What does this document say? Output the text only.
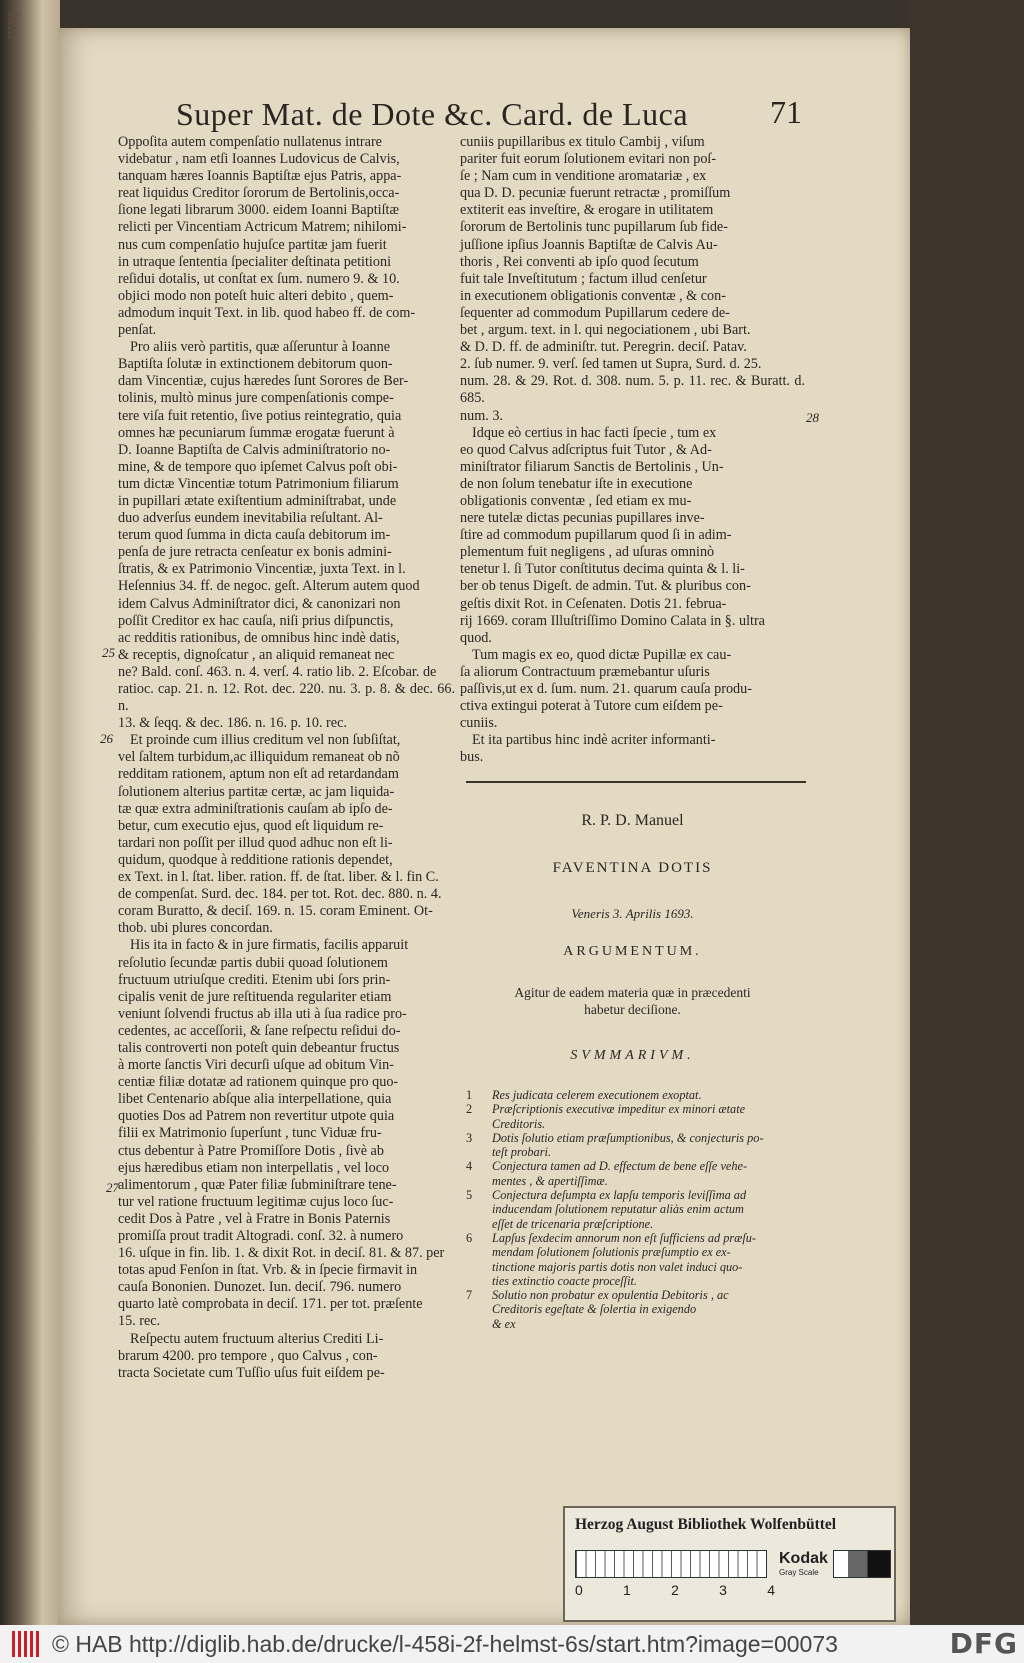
lum
Super Mat. de Dote &c. Card. de Luca	71

Oppoſita autem compenſatio nullatenus intrare
videbatur , nam etſi Ioannes Ludovicus de Calvis,
tanquam hæres Ioannis Baptiſtæ ejus Patris, appa-
reat liquidus Creditor ſororum de Bertolinis,occa-
ſione legati librarum 3000. eidem Ioanni Baptiſtæ
relicti per Vincentiam Actricum Matrem; nihilomi-
nus cum compenſatio hujuſce partitæ jam fuerit
in utraque ſententia ſpecialiter deſtinata petitioni
reſidui dotalis, ut conſtat ex ſum. numero 9. & 10.
objici modo non poteſt huic alteri debito , quem-
admodum inquit Text. in lib. quod habeo ff. de com-
penſat.

Pro aliis verò partitis, quæ aſſeruntur à Ioanne
Baptiſta ſolutæ in extinctionem debitorum quon-
dam Vincentiæ, cujus hæredes ſunt Sorores de Ber-
tolinis, multò minus jure compenſationis compe-
tere viſa fuit retentio, ſive potius reintegratio, quia
omnes hæ pecuniarum ſummæ erogatæ fuerunt à
D. Ioanne Baptiſta de Calvis adminiſtratorio no-
mine, & de tempore quo ipſemet Calvus poſt obi-
tum dictæ Vincentiæ totum Patrimonium filiarum
in pupillari ætate exiſtentium adminiſtrabat, unde
duo adverſus eundem inevitabilia reſultant. Al-
terum quod ſumma in dicta cauſa debitorum im-
penſa de jure retracta cenſeatur ex bonis admini-
ſtratis, & ex Patrimonio Vincentiæ, juxta Text. in l.
Heſennius 34. ff. de negoc. geſt. Alterum autem quod
idem Calvus Adminiſtrator dici, & canonizari non
poſſit Creditor ex hac cauſa, niſi prius diſpunctis,
ac redditis rationibus, de omnibus hinc indè datis,
& receptis, dignoſcatur , an aliquid remaneat nec
ne? Bald. conſ. 463. n. 4. verſ. 4. ratio lib. 2. Eſcobar. de
ratioc. cap. 21. n. 12. Rot. dec. 220. nu. 3. p. 8. & dec. 66. n.
13. & ſeqq. & dec. 186. n. 16. p. 10. rec.

Et proinde cum illius creditum vel non ſubſiſtat,
vel ſaltem turbidum,ac illiquidum remaneat ob nõ
redditam rationem, aptum non eſt ad retardandam
ſolutionem alterius partitæ certæ, ac jam liquida-
tæ quæ extra adminiſtrationis cauſam ab ipſo de-
betur, cum executio ejus, quod eſt liquidum re-
tardari non poſſit per illud quod adhuc non eſt li-
quidum, quodque à redditione rationis dependet,
ex Text. in l. ſtat. liber. ration. ff. de ſtat. liber. & l. fin C.
de compenſat. Surd. dec. 184. per tot. Rot. dec. 880. n. 4.
coram Buratto, & deciſ. 169. n. 15. coram Eminent. Ot-
thob. ubi plures concordan.

His ita in facto & in jure firmatis, facilis apparuit
reſolutio ſecundæ partis dubii quoad ſolutionem
fructuum utriuſque crediti. Etenim ubi ſors prin-
cipalis venit de jure reſtituenda regulariter etiam
veniunt ſolvendi fructus ab illa uti à ſua radice pro-
cedentes, ac acceſſorii, & ſane reſpectu reſidui do-
talis controverti non poteſt quin debeantur fructus
à morte ſanctis Viri decurſi uſque ad obitum Vin-
centiæ filiæ dotatæ ad rationem quinque pro quo-
libet Centenario abſque alia interpellatione, quia
quoties Dos ad Patrem non revertitur utpote quia
filii ex Matrimonio ſuperſunt , tunc Viduæ fru-
ctus debentur à Patre Promiſſore Dotis , ſivè ab
ejus hæredibus etiam non interpellatis , vel loco
alimentorum , quæ Pater filiæ ſubminiſtrare tene-
tur vel ratione fructuum legitimæ cujus loco ſuc-
cedit Dos à Patre , vel à Fratre in Bonis Paternis
promiſſa prout tradit Altogradi. conſ. 32. à numero
16. uſque in fin. lib. 1. & dixit Rot. in deciſ. 81. & 87. per
totas apud Fenſon in ſtat. Vrb. & in ſpecie firmavit in
cauſa Bononien. Dunozet. Iun. deciſ. 796. numero
quarto latè comprobata in deciſ. 171. per tot. præſente
15. rec.

Reſpectu autem fructuum alterius Crediti Li-
brarum 4200. pro tempore , quo Calvus , con-
tracta Societate cum Tuſſio uſus fuit eiſdem pe-

25
26
27

cuniis pupillaribus ex titulo Cambij , viſum
pariter fuit eorum ſolutionem evitari non poſ-
ſe ; Nam cum in venditione aromatariæ , ex
qua D. D. pecuniæ fuerunt retractæ , promiſſum
extiterit eas inveſtire, & erogare in utilitatem
ſororum de Bertolinis tunc pupillarum ſub fide-
juſſione ipſius Joannis Baptiſtæ de Calvis Au-
thoris , Rei conventi ab ipſo quod ſecutum
fuit tale Inveſtitutum ; factum illud cenſetur
in executionem obligationis conventæ , & con-
ſequenter ad commodum Pupillarum cedere de-
bet , argum. text. in l. qui negociationem , ubi Bart.
& D. D. ff. de adminiſtr. tut. Peregrin. deciſ. Patav.
2. ſub numer. 9. verſ. ſed tamen ut Supra, Surd. d. 25.
num. 28. & 29. Rot. d. 308. num. 5. p. 11. rec. & Buratt. d. 685.
num. 3.

Idque eò certius in hac facti ſpecie , tum ex
eo quod Calvus adſcriptus fuit Tutor , & Ad-
miniſtrator filiarum Sanctis de Bertolinis , Un-
de non ſolum tenebatur iſte in executione
obligationis conventæ , ſed etiam ex mu-
nere tutelæ dictas pecunias pupillares inve-
ſtire ad commodum pupillarum quod ſi in adim-
plementum fuit negligens , ad uſuras omninò
tenetur l. ſi Tutor conſtitutus decima quinta & l. li-
ber ob tenus Digeſt. de admin. Tut. & pluribus con-
geſtis dixit Rot. in Ceſenaten. Dotis 21. februa-
rij 1669. coram Illuſtriſſimo Domino Calata in §. ultra
quod.

Tum magis ex eo, quod dictæ Pupillæ ex cau-
ſa aliorum Contractuum præmebantur uſuris
paſſivis,ut ex d. ſum. num. 21. quarum cauſa produ-
ctiva extingui poterat à Tutore cum eiſdem pe-
cuniis.

Et ita partibus hinc indè acriter informanti-
bus.

28
R. P. D. Manuel
FAVENTINA DOTIS
Veneris 3. Aprilis 1693.
ARGUMENTUM.
Agitur de eadem materia quæ in præcedenti
habetur deciſione.
SVMMARIVM.
1	Res judicata celerem executionem exoptat.
2	Præſcriptionis executivæ impeditur ex minori ætate
Creditoris.
3	Dotis ſolutio etiam præſumptionibus, & conjecturis po-
teſt probari.
4	Conjectura tamen ad D. effectum de bene eſſe vehe-
mentes , & apertiſſimæ.
5	Conjectura deſumpta ex lapſu temporis leviſſima ad
inducendam ſolutionem reputatur aliàs enim actum
eſſet de tricenaria præſcriptione.
6	Lapſus ſexdecim annorum non eſt ſufficiens ad præſu-
mendam ſolutionem ſolutionis præſumptio ex ex-
tinctione majoris partis dotis non valet induci quo-
ties extinctio coacte proceſſit.
7	Solutio non probatur ex opulentia Debitoris , ac
Creditoris egeſtate & ſolertia in exigendo
& ex
Herzog August Bibliothek Wolfenbüttel
0	1	2	3	4
Kodak
Gray Scale
© HAB http://diglib.hab.de/drucke/l-458i-2f-helmst-6s/start.htm?image=00073	DFG
